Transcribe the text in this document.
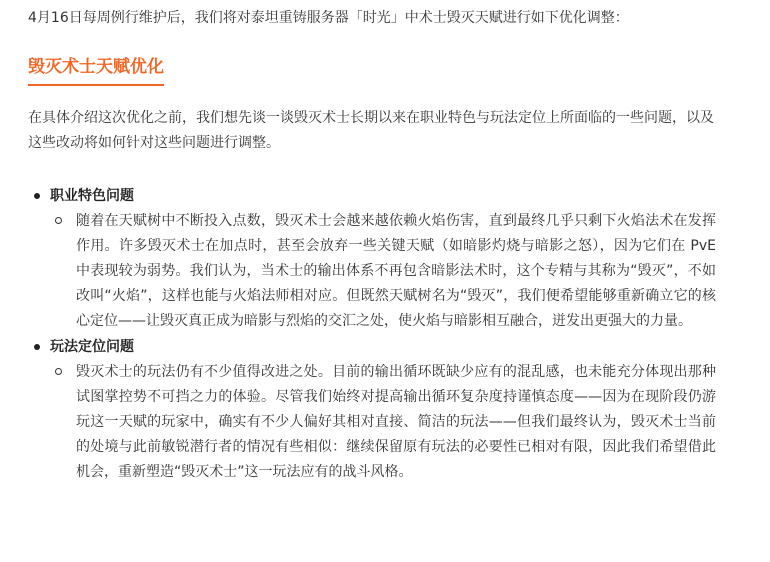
4月16日每周例行维护后，我们将对泰坦重铸服务器「时光」中术士毁灭天赋进行如下优化调整：

毁灭术士天赋优化

在具体介绍这次优化之前，我们想先谈一谈毁灭术士长期以来在职业特色与玩法定位上所面临的一些问题，以及这些改动将如何针对这些问题进行调整。

职业特色问题
随着在天赋树中不断投入点数，毁灭术士会越来越依赖火焰伤害，直到最终几乎只剩下火焰法术在发挥作用。许多毁灭术士在加点时，甚至会放弃一些关键天赋（如暗影灼烧与暗影之怒），因为它们在 PvE 中表现较为弱势。我们认为，当术士的输出体系不再包含暗影法术时，这个专精与其称为“毁灭”，不如改叫“火焰”，这样也能与火焰法师相对应。但既然天赋树名为“毁灭”，我们便希望能够重新确立它的核心定位——让毁灭真正成为暗影与烈焰的交汇之处，使火焰与暗影相互融合，迸发出更强大的力量。
玩法定位问题
毁灭术士的玩法仍有不少值得改进之处。目前的输出循环既缺少应有的混乱感，也未能充分体现出那种试图掌控势不可挡之力的体验。尽管我们始终对提高输出循环复杂度持谨慎态度——因为在现阶段仍游玩这一天赋的玩家中，确实有不少人偏好其相对直接、简洁的玩法——但我们最终认为，毁灭术士当前的处境与此前敏锐潜行者的情况有些相似：继续保留原有玩法的必要性已相对有限，因此我们希望借此机会，重新塑造“毁灭术士”这一玩法应有的战斗风格。
